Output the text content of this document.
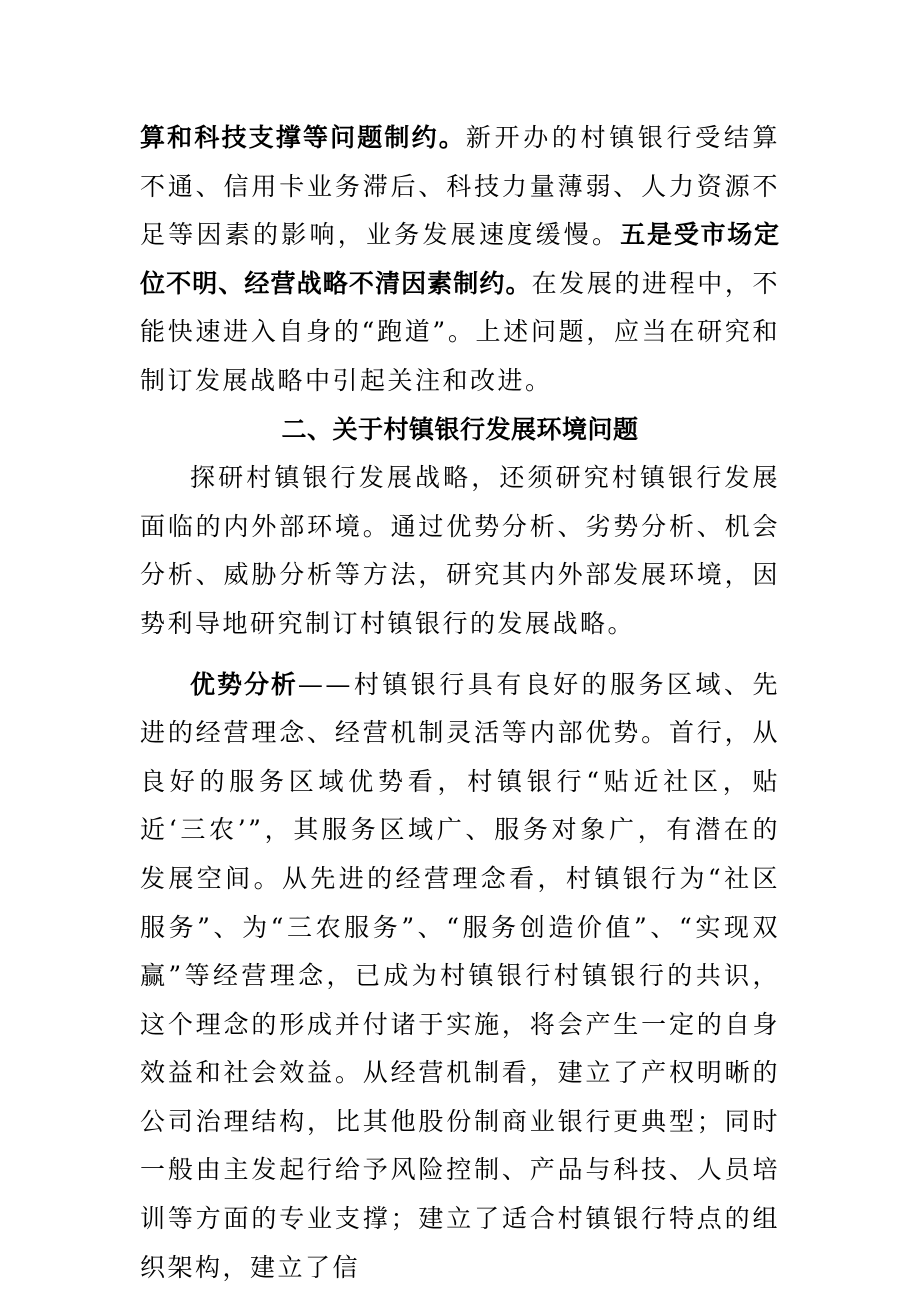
算和科技支撑等问题制约。新开办的村镇银行受结算不通、信用卡业务滞后、科技力量薄弱、人力资源不足等因素的影响，业务发展速度缓慢。五是受市场定位不明、经营战略不清因素制约。在发展的进程中，不能快速进入自身的“跑道”。上述问题，应当在研究和制订发展战略中引起关注和改进。

二、关于村镇银行发展环境问题

探研村镇银行发展战略，还须研究村镇银行发展面临的内外部环境。通过优势分析、劣势分析、机会分析、威胁分析等方法，研究其内外部发展环境，因势利导地研究制订村镇银行的发展战略。

优势分析——村镇银行具有良好的服务区域、先进的经营理念、经营机制灵活等内部优势。首行，从良好的服务区域优势看，村镇银行“贴近社区，贴近‘三农’”，其服务区域广、服务对象广，有潜在的发展空间。从先进的经营理念看，村镇银行为“社区服务”、为“三农服务”、“服务创造价值”、“实现双赢”等经营理念，已成为村镇银行村镇银行的共识，这个理念的形成并付诸于实施，将会产生一定的自身效益和社会效益。从经营机制看，建立了产权明晰的公司治理结构，比其他股份制商业银行更典型；同时一般由主发起行给予风险控制、产品与科技、人员培训等方面的专业支撑；建立了适合村镇银行特点的组织架构，建立了信
